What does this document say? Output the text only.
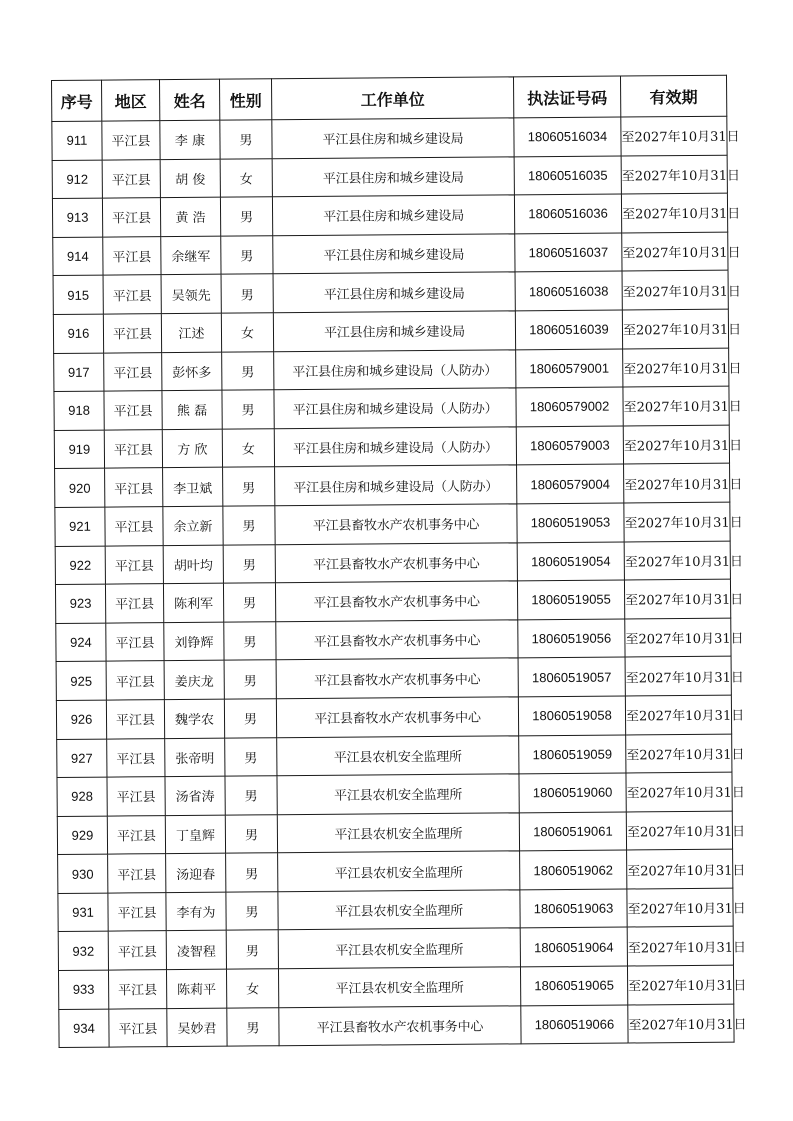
序号	地区	姓名	性别	工作单位	执法证号码	有效期
911	平江县	李 康	男	平江县住房和城乡建设局	18060516034	至2027年10月31日
912	平江县	胡 俊	女	平江县住房和城乡建设局	18060516035	至2027年10月31日
913	平江县	黄 浩	男	平江县住房和城乡建设局	18060516036	至2027年10月31日
914	平江县	余继军	男	平江县住房和城乡建设局	18060516037	至2027年10月31日
915	平江县	吴领先	男	平江县住房和城乡建设局	18060516038	至2027年10月31日
916	平江县	江述	女	平江县住房和城乡建设局	18060516039	至2027年10月31日
917	平江县	彭怀多	男	平江县住房和城乡建设局（人防办）	18060579001	至2027年10月31日
918	平江县	熊 磊	男	平江县住房和城乡建设局（人防办）	18060579002	至2027年10月31日
919	平江县	方 欣	女	平江县住房和城乡建设局（人防办）	18060579003	至2027年10月31日
920	平江县	李卫斌	男	平江县住房和城乡建设局（人防办）	18060579004	至2027年10月31日
921	平江县	余立新	男	平江县畜牧水产农机事务中心	18060519053	至2027年10月31日
922	平江县	胡叶均	男	平江县畜牧水产农机事务中心	18060519054	至2027年10月31日
923	平江县	陈利军	男	平江县畜牧水产农机事务中心	18060519055	至2027年10月31日
924	平江县	刘铮辉	男	平江县畜牧水产农机事务中心	18060519056	至2027年10月31日
925	平江县	姜庆龙	男	平江县畜牧水产农机事务中心	18060519057	至2027年10月31日
926	平江县	魏学农	男	平江县畜牧水产农机事务中心	18060519058	至2027年10月31日
927	平江县	张帝明	男	平江县农机安全监理所	18060519059	至2027年10月31日
928	平江县	汤省涛	男	平江县农机安全监理所	18060519060	至2027年10月31日
929	平江县	丁皇辉	男	平江县农机安全监理所	18060519061	至2027年10月31日
930	平江县	汤迎春	男	平江县农机安全监理所	18060519062	至2027年10月31日
931	平江县	李有为	男	平江县农机安全监理所	18060519063	至2027年10月31日
932	平江县	凌智程	男	平江县农机安全监理所	18060519064	至2027年10月31日
933	平江县	陈莉平	女	平江县农机安全监理所	18060519065	至2027年10月31日
934	平江县	吴妙君	男	平江县畜牧水产农机事务中心	18060519066	至2027年10月31日
